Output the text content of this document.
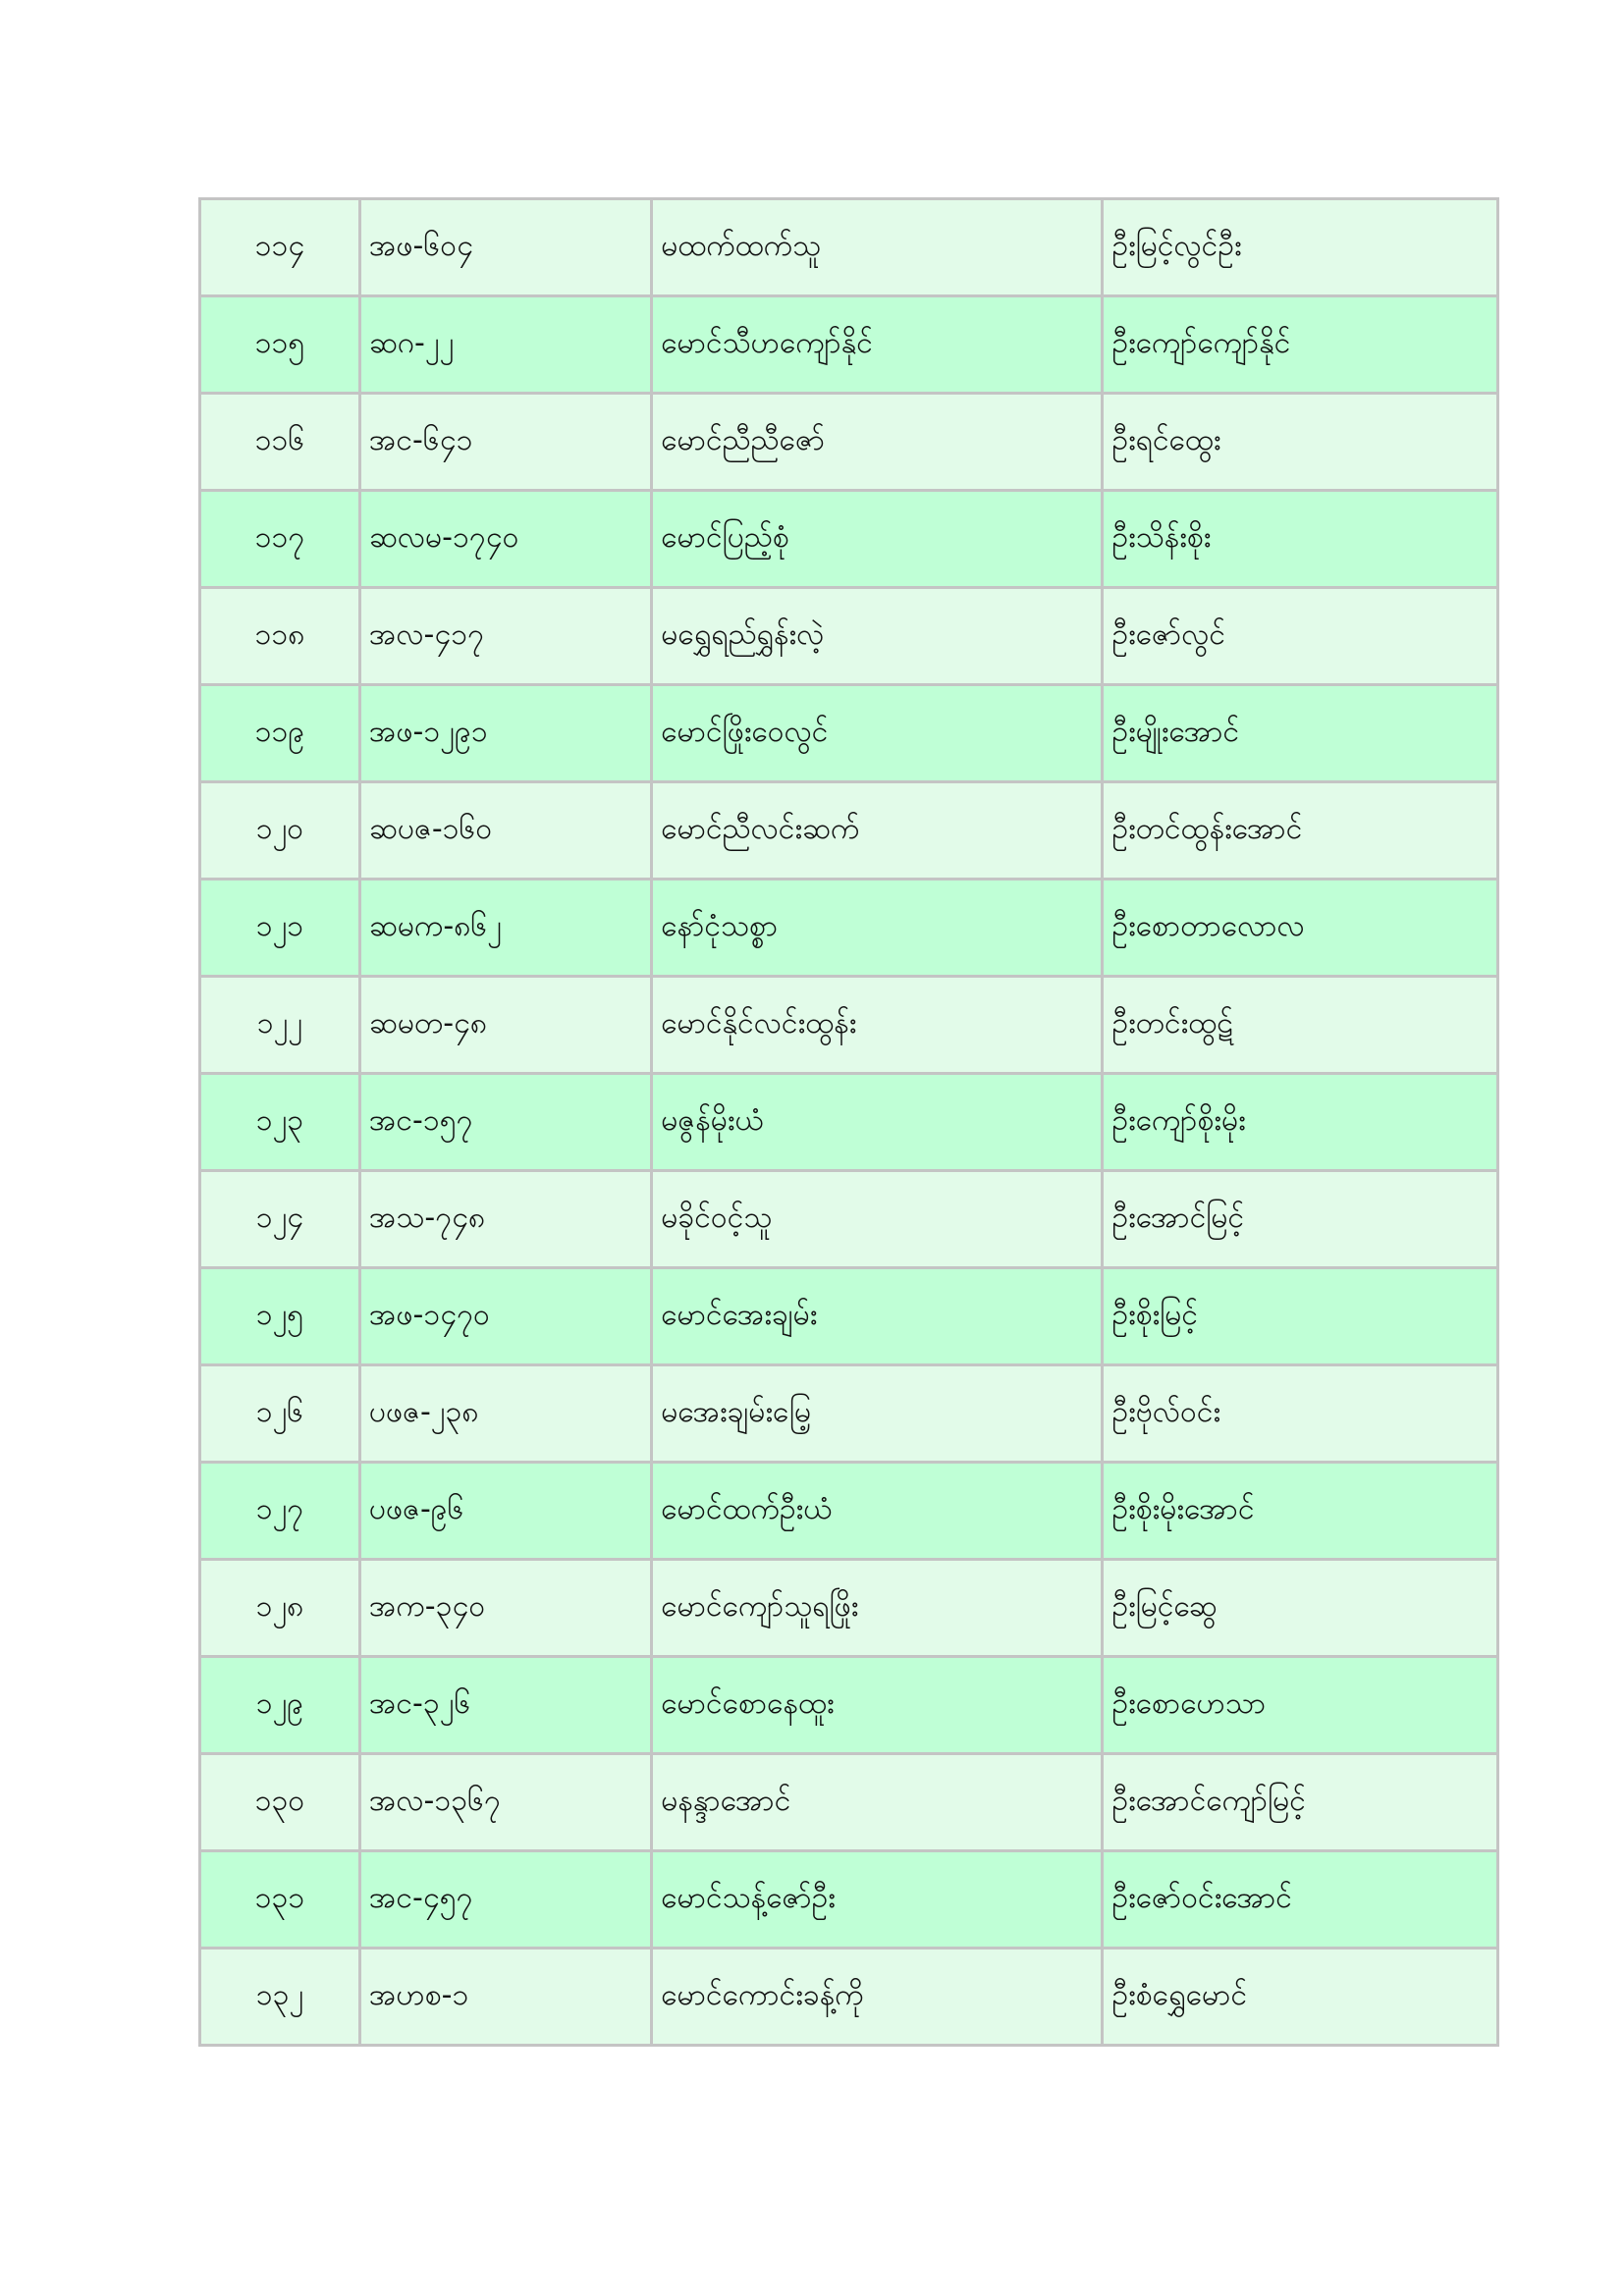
၁၁၄	အဖ-၆၀၄	မထက်ထက်သူ	ဦးမြင့်လွင်ဦး
၁၁၅	ဆဂ-၂၂	မောင်သီဟကျော်နိုင်	ဦးကျော်ကျော်နိုင်
၁၁၆	အင-၆၄၁	မောင်ညီညီဇော်	ဦးရင်ထွေး
၁၁၇	ဆလမ-၁၇၄၀	မောင်ပြည့်စုံ	ဦးသိန်းစိုး
၁၁၈	အလ-၄၁၇	မရွှေရည်ရွှန်းလဲ့	ဦးဇော်လွင်
၁၁၉	အဖ-၁၂၉၁	မောင်ဖြိုးဝေလွင်	ဦးမျိုးအောင်
၁၂၀	ဆပဇ-၁၆၀	မောင်ညီလင်းဆက်	ဦးတင်ထွန်းအောင်
၁၂၁	ဆမက-၈၆၂	နော်ငုံသစ္စာ	ဦးစောတာလောလ
၁၂၂	ဆမတ-၄၈	မောင်နိုင်လင်းထွန်း	ဦးတင်းထွဋ်
၁၂၃	အင-၁၅၇	မဇွန်မိုးယံ	ဦးကျော်စိုးမိုး
၁၂၄	အသ-၇၄၈	မခိုင်ဝင့်သူ	ဦးအောင်မြင့်
၁၂၅	အဖ-၁၄၇၀	မောင်အေးချမ်း	ဦးစိုးမြင့်
၁၂၆	ပဖဇ-၂၃၈	မအေးချမ်းမြေ့	ဦးဗိုလ်ဝင်း
၁၂၇	ပဖဇ-၉၆	မောင်ထက်ဦးယံ	ဦးစိုးမိုးအောင်
၁၂၈	အက-၃၄၀	မောင်ကျော်သူရဖြိုး	ဦးမြင့်ဆွေ
၁၂၉	အင-၃၂၆	မောင်စောနေထူး	ဦးစောဟေသာ
၁၃၀	အလ-၁၃၆၇	မနန္ဒာအောင်	ဦးအောင်ကျော်မြင့်
၁၃၁	အင-၄၅၇	မောင်သန့်ဇော်ဦး	ဦးဇော်ဝင်းအောင်
၁၃၂	အဟစ-၁	မောင်ကောင်းခန့်ကို	ဦးစံရွှေမောင်
